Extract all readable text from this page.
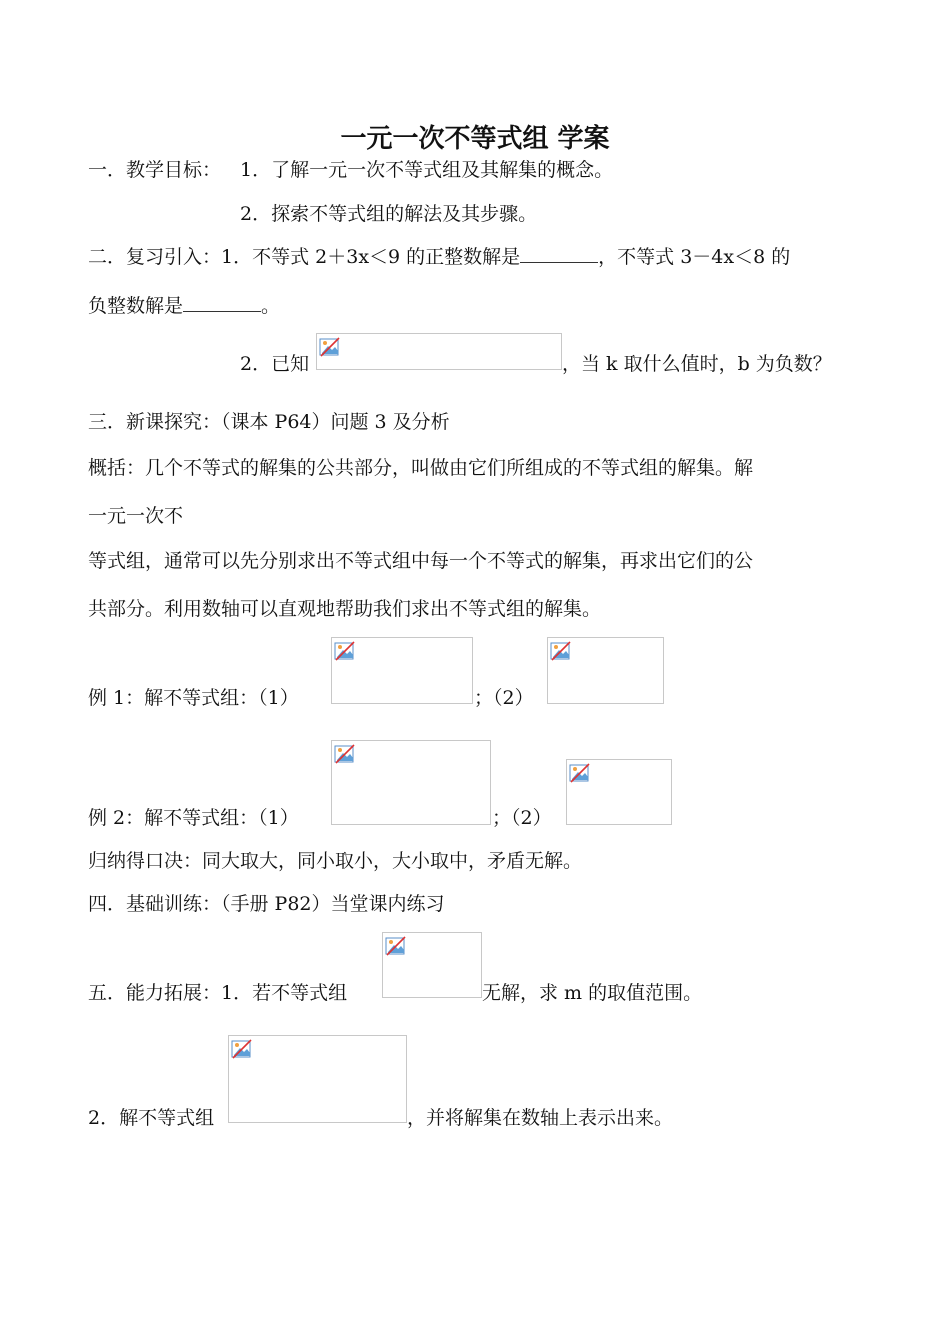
一元一次不等式组 学案
一．教学目标： 1．了解一元一次不等式组及其解集的概念。
2．探索不等式组的解法及其步骤。
二．复习引入：1．不等式 2＋3x＜9 的正整数解是	，不等式 3－4x＜8 的
负整数解是	。
2．已知	，当 k 取什么值时，b 为负数？
三．新课探究：（课本 P64）问题 3 及分析
概括：几个不等式的解集的公共部分，叫做由它们所组成的不等式组的解集。解
一元一次不
等式组，通常可以先分别求出不等式组中每一个不等式的解集，再求出它们的公
共部分。利用数轴可以直观地帮助我们求出不等式组的解集。
例 1：解不等式组：（1）	；（2）
例 2：解不等式组：（1）	；（2）
归纳得口决：同大取大，同小取小，大小取中，矛盾无解。
四．基础训练：（手册 P82）当堂课内练习
五．能力拓展：1．若不等式组	无解，求 m 的取值范围。
2．解不等式组	，并将解集在数轴上表示出来。
